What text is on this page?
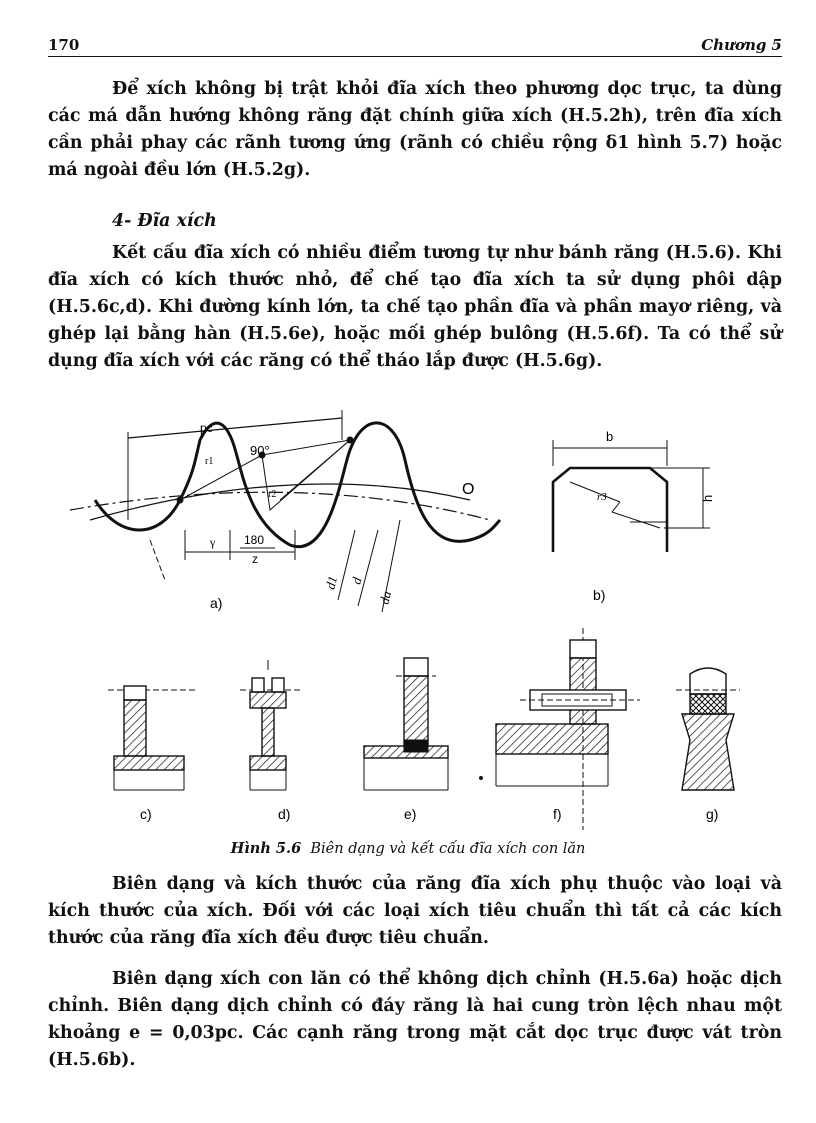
170	Chương 5

Để xích không bị trật khỏi đĩa xích theo phương dọc trục, ta dùng các má dẫn hướng không răng đặt chính giữa xích (H.5.2h), trên đĩa xích cần phải phay các rãnh tương ứng (rãnh có chiều rộng δ1 hình 5.7) hoặc má ngoài đều lớn (H.5.2g).

4- Đĩa xích

Kết cấu đĩa xích có nhiều điểm tương tự như bánh răng (H.5.6). Khi đĩa xích có kích thước nhỏ, để chế tạo đĩa xích ta sử dụng phôi dập (H.5.6c,d). Khi đường kính lớn, ta chế tạo phần đĩa và phần mayơ riêng, và ghép lại bằng hàn (H.5.6e), hoặc mối ghép bulông (H.5.6f). Ta có thể sử dụng đĩa xích với các răng có thể tháo lắp được (H.5.6g).

pc
90°
O
γ 180
z
d1 d
da
r1
r2
a)
b
h
r3
b)
c)	d)	e)	f)	g)
Hình 5.6 Biên dạng và kết cấu đĩa xích con lăn

Biên dạng và kích thước của răng đĩa xích phụ thuộc vào loại và kích thước của xích. Đối với các loại xích tiêu chuẩn thì tất cả các kích thước của răng đĩa xích đều được tiêu chuẩn.

Biên dạng xích con lăn có thể không dịch chỉnh (H.5.6a) hoặc dịch chỉnh. Biên dạng dịch chỉnh có đáy răng là hai cung tròn lệch nhau một khoảng e = 0,03pc. Các cạnh răng trong mặt cắt dọc trục được vát tròn (H.5.6b).
